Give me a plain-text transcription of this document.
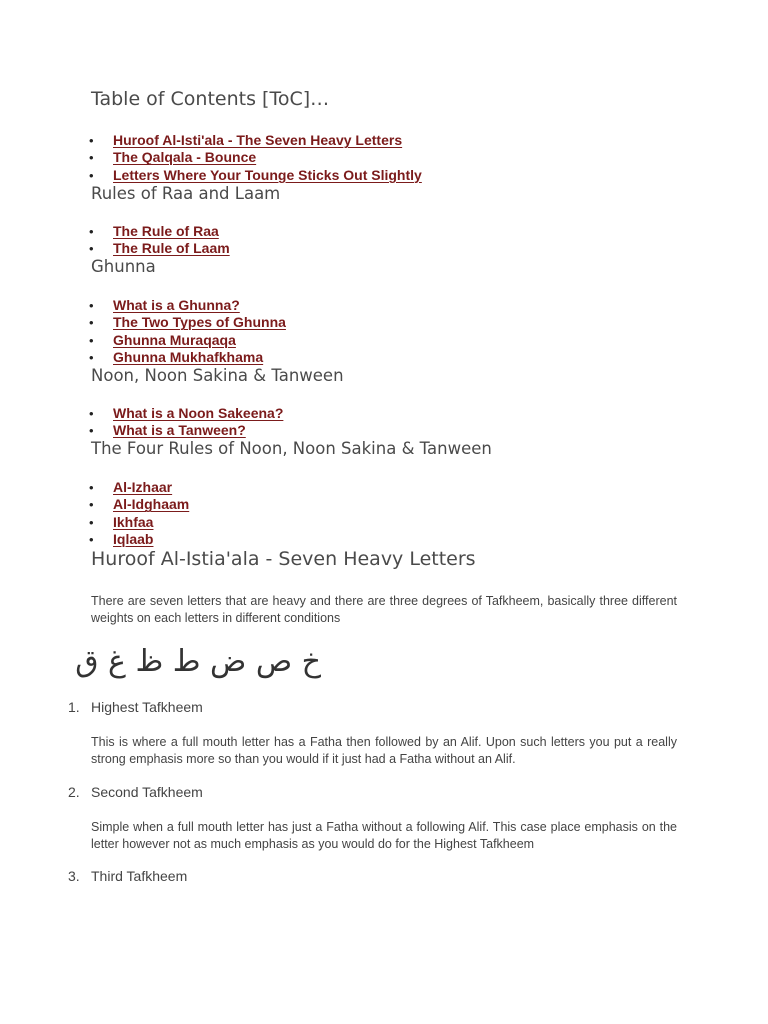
Table of Contents [ToC]…
• Huroof Al-Isti'ala - The Seven Heavy Letters
• The Qalqala - Bounce
• Letters Where Your Tounge Sticks Out Slightly
Rules of Raa and Laam
• The Rule of Raa
• The Rule of Laam
Ghunna
• What is a Ghunna?
• The Two Types of Ghunna
• Ghunna Muraqaqa
• Ghunna Mukhafkhama
Noon, Noon Sakina & Tanween
• What is a Noon Sakeena?
• What is a Tanween?
The Four Rules of Noon, Noon Sakina & Tanween
• Al-Izhaar
• Al-Idghaam
• Ikhfaa
• Iqlaab
Huroof Al-Istia'ala - Seven Heavy Letters

There are seven letters that are heavy and there are three degrees of Tafkheem, basically three different weights on each letters in different conditions

خ ص ض ط ظ غ ق

1. Highest Tafkheem

This is where a full mouth letter has a Fatha then followed by an Alif. Upon such letters you put a really strong emphasis more so than you would if it just had a Fatha without an Alif.

2. Second Tafkheem

Simple when a full mouth letter has just a Fatha without a following Alif. This case place emphasis on the letter however not as much emphasis as you would do for the Highest Tafkheem

3. Third Tafkheem
